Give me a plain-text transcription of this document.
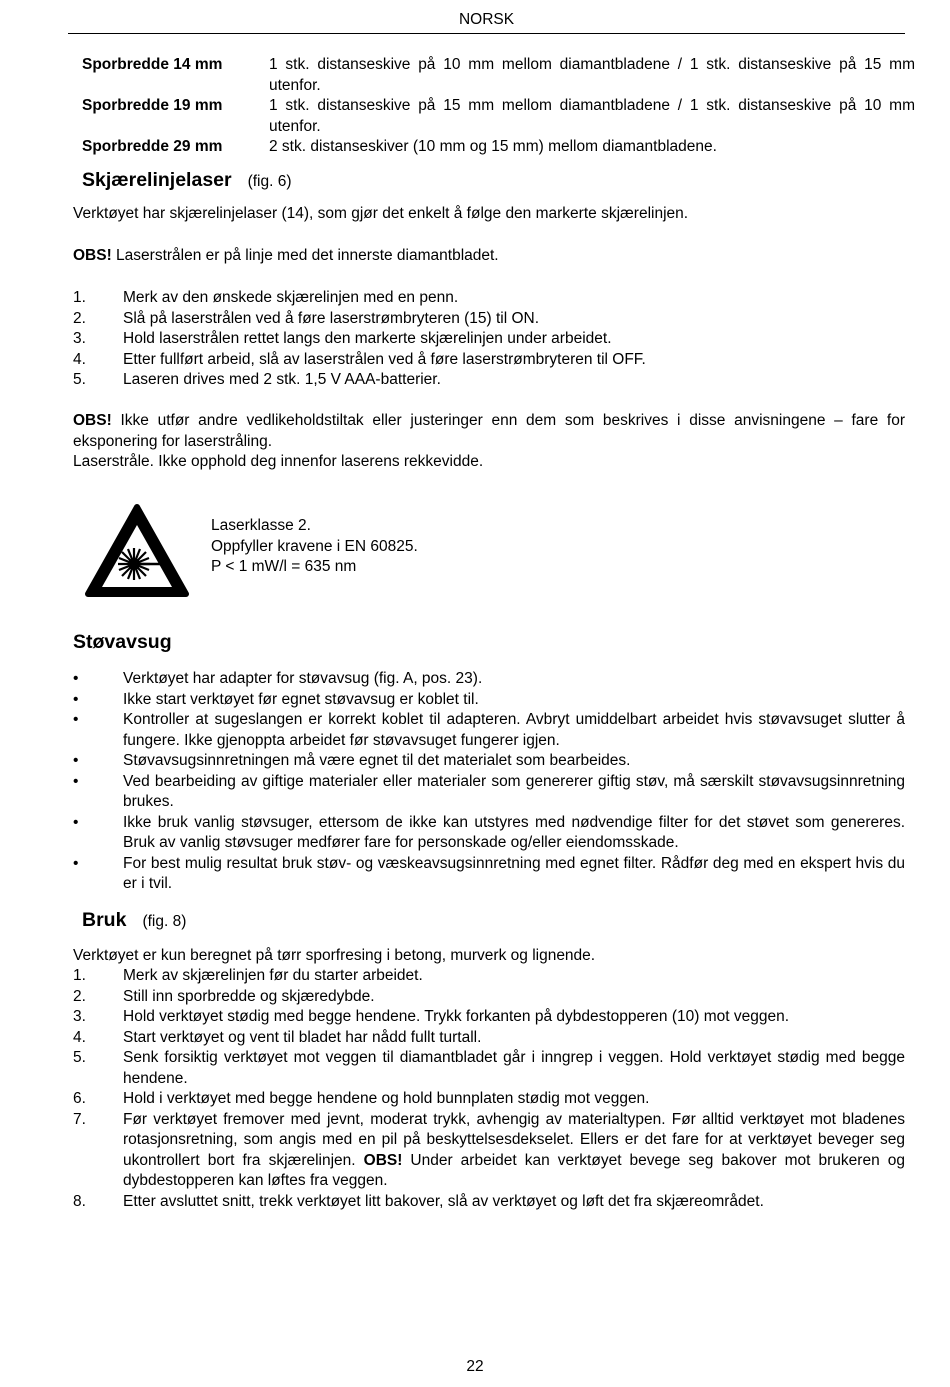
NORSK
Sporbredde 14 mm	1 stk. distanseskive på 10 mm mellom diamantbladene / 1 stk. distanseskive på 15 mm utenfor.
Sporbredde 19 mm	1 stk. distanseskive på 15 mm mellom diamantbladene / 1 stk. distanseskive på 10 mm utenfor.
Sporbredde 29 mm	2 stk. distanseskiver (10 mm og 15 mm) mellom diamantbladene.
Skjærelinjelaser (fig. 6)
Verktøyet har skjærelinjelaser (14), som gjør det enkelt å følge den markerte skjærelinjen.
OBS! Laserstrålen er på linje med det innerste diamantbladet.
1.	Merk av den ønskede skjærelinjen med en penn.
2.	Slå på laserstrålen ved å føre laserstrømbryteren (15) til ON.
3.	Hold laserstrålen rettet langs den markerte skjærelinjen under arbeidet.
4.	Etter fullført arbeid, slå av laserstrålen ved å føre laserstrømbryteren til OFF.
5.	Laseren drives med 2 stk. 1,5 V AAA-batterier.
OBS! Ikke utfør andre vedlikeholdstiltak eller justeringer enn dem som beskrives i disse anvisningene – fare for eksponering for laserstråling.
Laserstråle. Ikke opphold deg innenfor laserens rekkevidde.
Laserklasse 2.
Oppfyller kravene i EN 60825.
P < 1 mW/l = 635 nm
Støvavsug
•	Verktøyet har adapter for støvavsug (fig. A, pos. 23).
•	Ikke start verktøyet før egnet støvavsug er koblet til.
•	Kontroller at sugeslangen er korrekt koblet til adapteren. Avbryt umiddelbart arbeidet hvis støvavsuget slutter å fungere. Ikke gjenoppta arbeidet før støvavsuget fungerer igjen.
•	Støvavsugsinnretningen må være egnet til det materialet som bearbeides.
•	Ved bearbeiding av giftige materialer eller materialer som genererer giftig støv, må særskilt støvavsugsinnretning brukes.
•	Ikke bruk vanlig støvsuger, ettersom de ikke kan utstyres med nødvendige filter for det støvet som genereres. Bruk av vanlig støvsuger medfører fare for personskade og/eller eiendomsskade.
•	For best mulig resultat bruk støv- og væskeavsugsinnretning med egnet filter. Rådfør deg med en ekspert hvis du er i tvil.
Bruk (fig. 8)
Verktøyet er kun beregnet på tørr sporfresing i betong, murverk og lignende.
1.	Merk av skjærelinjen før du starter arbeidet.
2.	Still inn sporbredde og skjæredybde.
3.	Hold verktøyet stødig med begge hendene. Trykk forkanten på dybdestopperen (10) mot veggen.
4.	Start verktøyet og vent til bladet har nådd fullt turtall.
5.	Senk forsiktig verktøyet mot veggen til diamantbladet går i inngrep i veggen. Hold verktøyet stødig med begge hendene.
6.	Hold i verktøyet med begge hendene og hold bunnplaten stødig mot veggen.
7.	Før verktøyet fremover med jevnt, moderat trykk, avhengig av materialtypen. Før alltid verktøyet mot bladenes rotasjonsretning, som angis med en pil på beskyttelsesdekselet. Ellers er det fare for at verktøyet beveger seg ukontrollert bort fra skjærelinjen. OBS! Under arbeidet kan verktøyet bevege seg bakover mot brukeren og dybdestopperen kan løftes fra veggen.
8.	Etter avsluttet snitt, trekk verktøyet litt bakover, slå av verktøyet og løft det fra skjæreområdet.
22
